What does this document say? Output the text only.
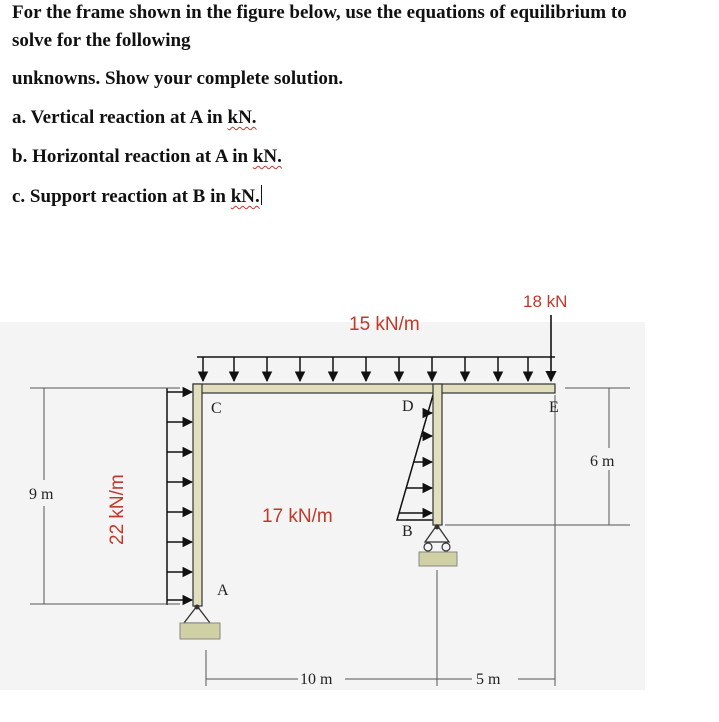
For the frame shown in the figure below, use the equations of equilibrium to
solve for the following
unknowns. Show your complete solution.
a. Vertical reaction at A in kN.
b. Horizontal reaction at A in kN.
c. Support reaction at B in kN.
15 kN/m
18 kN
17 kN/m
22 kN/m
C	D	E
A
B
9 m
6 m
10 m	5 m
